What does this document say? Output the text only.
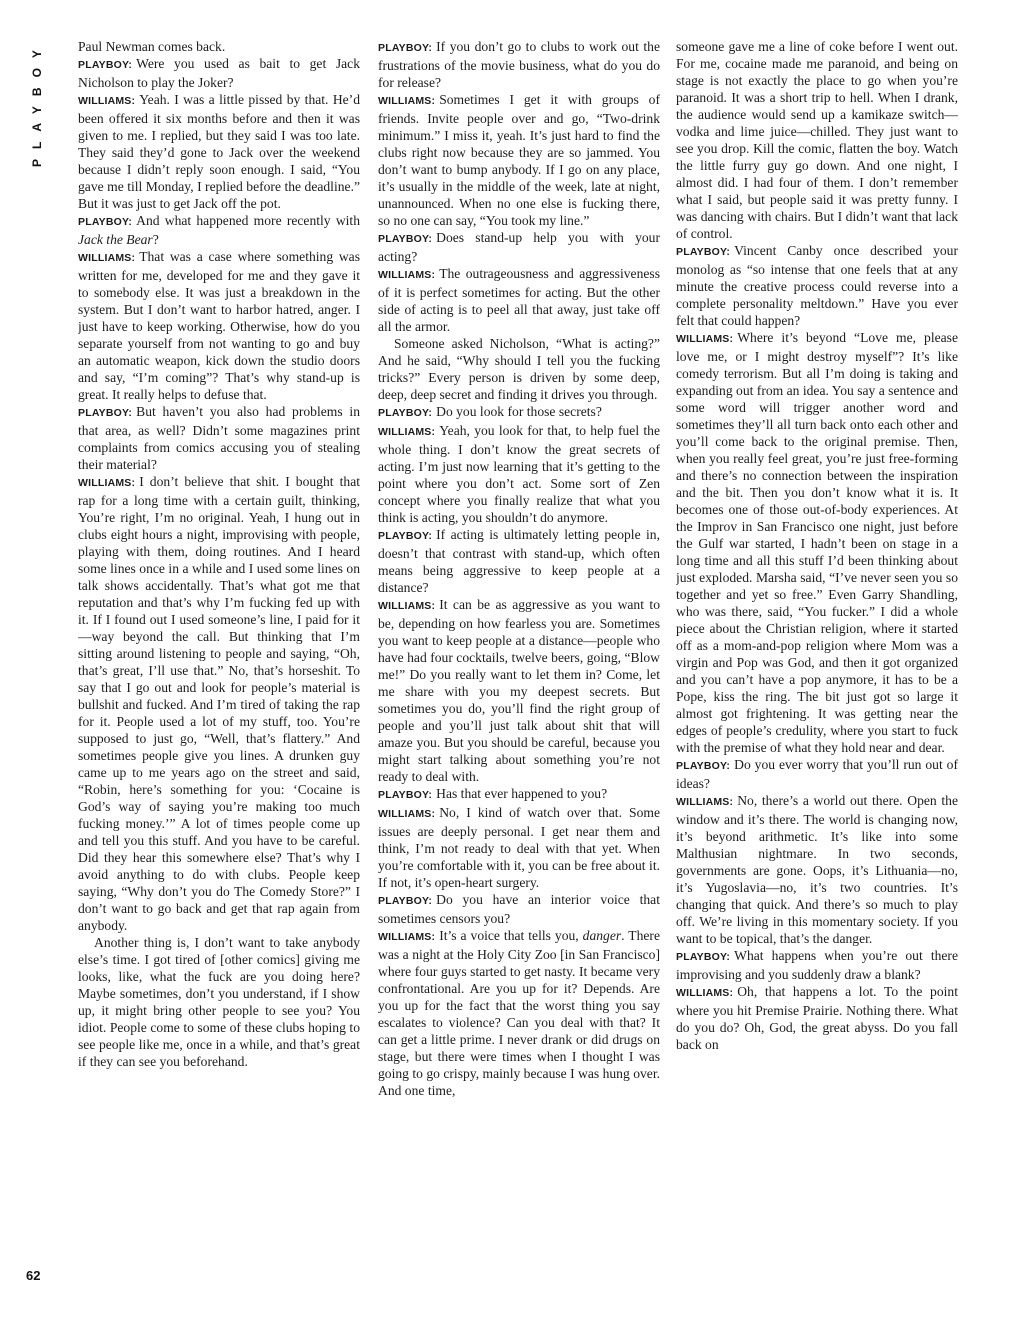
PLAYBOY
62

Paul Newman comes back.

PLAYBOY: Were you used as bait to get Jack Nicholson to play the Joker?

WILLIAMS: Yeah. I was a little pissed by that. He’d been offered it six months before and then it was given to me. I replied, but they said I was too late. They said they’d gone to Jack over the weekend because I didn’t reply soon enough. I said, “You gave me till Monday, I replied before the deadline.” But it was just to get Jack off the pot.

PLAYBOY: And what happened more recently with Jack the Bear?

WILLIAMS: That was a case where something was written for me, developed for me and they gave it to somebody else. It was just a breakdown in the system. But I don’t want to harbor hatred, anger. I just have to keep working. Otherwise, how do you separate yourself from not wanting to go and buy an automatic weapon, kick down the studio doors and say, “I’m coming”? That’s why stand-up is great. It really helps to defuse that.

PLAYBOY: But haven’t you also had problems in that area, as well? Didn’t some magazines print complaints from comics accusing you of stealing their material?

WILLIAMS: I don’t believe that shit. I bought that rap for a long time with a certain guilt, thinking, You’re right, I’m no original. Yeah, I hung out in clubs eight hours a night, improvising with people, playing with them, doing routines. And I heard some lines once in a while and I used some lines on talk shows accidentally. That’s what got me that reputation and that’s why I’m fucking fed up with it. If I found out I used someone’s line, I paid for it—way beyond the call. But thinking that I’m sitting around listening to people and saying, “Oh, that’s great, I’ll use that.” No, that’s horseshit. To say that I go out and look for people’s material is bullshit and fucked. And I’m tired of taking the rap for it. People used a lot of my stuff, too. You’re supposed to just go, “Well, that’s flattery.” And sometimes people give you lines. A drunken guy came up to me years ago on the street and said, “Robin, here’s something for you: ‘Cocaine is God’s way of saying you’re making too much fucking money.’” A lot of times people come up and tell you this stuff. And you have to be careful. Did they hear this somewhere else? That’s why I avoid anything to do with clubs. People keep saying, “Why don’t you do The Comedy Store?” I don’t want to go back and get that rap again from anybody.

Another thing is, I don’t want to take anybody else’s time. I got tired of [other comics] giving me looks, like, what the fuck are you doing here? Maybe sometimes, don’t you understand, if I show up, it might bring other people to see you? You idiot. People come to some of these clubs hoping to see people like me, once in a while, and that’s great if they can see you beforehand.

PLAYBOY: If you don’t go to clubs to work out the frustrations of the movie business, what do you do for release?

WILLIAMS: Sometimes I get it with groups of friends. Invite people over and go, “Two-drink minimum.” I miss it, yeah. It’s just hard to find the clubs right now because they are so jammed. You don’t want to bump anybody. If I go on any place, it’s usually in the middle of the week, late at night, unannounced. When no one else is fucking there, so no one can say, “You took my line.”

PLAYBOY: Does stand-up help you with your acting?

WILLIAMS: The outrageousness and aggressiveness of it is perfect sometimes for acting. But the other side of acting is to peel all that away, just take off all the armor.

Someone asked Nicholson, “What is acting?” And he said, “Why should I tell you the fucking tricks?” Every person is driven by some deep, deep, deep secret and finding it drives you through.

PLAYBOY: Do you look for those secrets?

WILLIAMS: Yeah, you look for that, to help fuel the whole thing. I don’t know the great secrets of acting. I’m just now learning that it’s getting to the point where you don’t act. Some sort of Zen concept where you finally realize that what you think is acting, you shouldn’t do anymore.

PLAYBOY: If acting is ultimately letting people in, doesn’t that contrast with stand-up, which often means being aggressive to keep people at a distance?

WILLIAMS: It can be as aggressive as you want to be, depending on how fearless you are. Sometimes you want to keep people at a distance—people who have had four cocktails, twelve beers, going, “Blow me!” Do you really want to let them in? Come, let me share with you my deepest secrets. But sometimes you do, you’ll find the right group of people and you’ll just talk about shit that will amaze you. But you should be careful, because you might start talking about something you’re not ready to deal with.

PLAYBOY: Has that ever happened to you?

WILLIAMS: No, I kind of watch over that. Some issues are deeply personal. I get near them and think, I’m not ready to deal with that yet. When you’re comfortable with it, you can be free about it. If not, it’s open-heart surgery.

PLAYBOY: Do you have an interior voice that sometimes censors you?

WILLIAMS: It’s a voice that tells you, danger. There was a night at the Holy City Zoo [in San Francisco] where four guys started to get nasty. It became very confrontational. Are you up for it? Depends. Are you up for the fact that the worst thing you say escalates to violence? Can you deal with that? It can get a little prime. I never drank or did drugs on stage, but there were times when I thought I was going to go crispy, mainly because I was hung over. And one time,

someone gave me a line of coke before I went out. For me, cocaine made me paranoid, and being on stage is not exactly the place to go when you’re paranoid. It was a short trip to hell. When I drank, the audience would send up a kamikaze switch—vodka and lime juice—chilled. They just want to see you drop. Kill the comic, flatten the boy. Watch the little furry guy go down. And one night, I almost did. I had four of them. I don’t remember what I said, but people said it was pretty funny. I was dancing with chairs. But I didn’t want that lack of control.

PLAYBOY: Vincent Canby once described your monolog as “so intense that one feels that at any minute the creative process could reverse into a complete personality meltdown.” Have you ever felt that could happen?

WILLIAMS: Where it’s beyond “Love me, please love me, or I might destroy myself”? It’s like comedy terrorism. But all I’m doing is taking and expanding out from an idea. You say a sentence and some word will trigger another word and sometimes they’ll all turn back onto each other and you’ll come back to the original premise. Then, when you really feel great, you’re just free-forming and there’s no connection between the inspiration and the bit. Then you don’t know what it is. It becomes one of those out-of-body experiences. At the Improv in San Francisco one night, just before the Gulf war started, I hadn’t been on stage in a long time and all this stuff I’d been thinking about just exploded. Marsha said, “I’ve never seen you so together and yet so free.” Even Garry Shandling, who was there, said, “You fucker.” I did a whole piece about the Christian religion, where it started off as a mom-and-pop religion where Mom was a virgin and Pop was God, and then it got organized and you can’t have a pop anymore, it has to be a Pope, kiss the ring. The bit just got so large it almost got frightening. It was getting near the edges of people’s credulity, where you start to fuck with the premise of what they hold near and dear.

PLAYBOY: Do you ever worry that you’ll run out of ideas?

WILLIAMS: No, there’s a world out there. Open the window and it’s there. The world is changing now, it’s beyond arithmetic. It’s like into some Malthusian nightmare. In two seconds, governments are gone. Oops, it’s Lithuania—no, it’s Yugoslavia—no, it’s two countries. It’s changing that quick. And there’s so much to play off. We’re living in this momentary society. If you want to be topical, that’s the danger.

PLAYBOY: What happens when you’re out there improvising and you suddenly draw a blank?

WILLIAMS: Oh, that happens a lot. To the point where you hit Premise Prairie. Nothing there. What do you do? Oh, God, the great abyss. Do you fall back on
